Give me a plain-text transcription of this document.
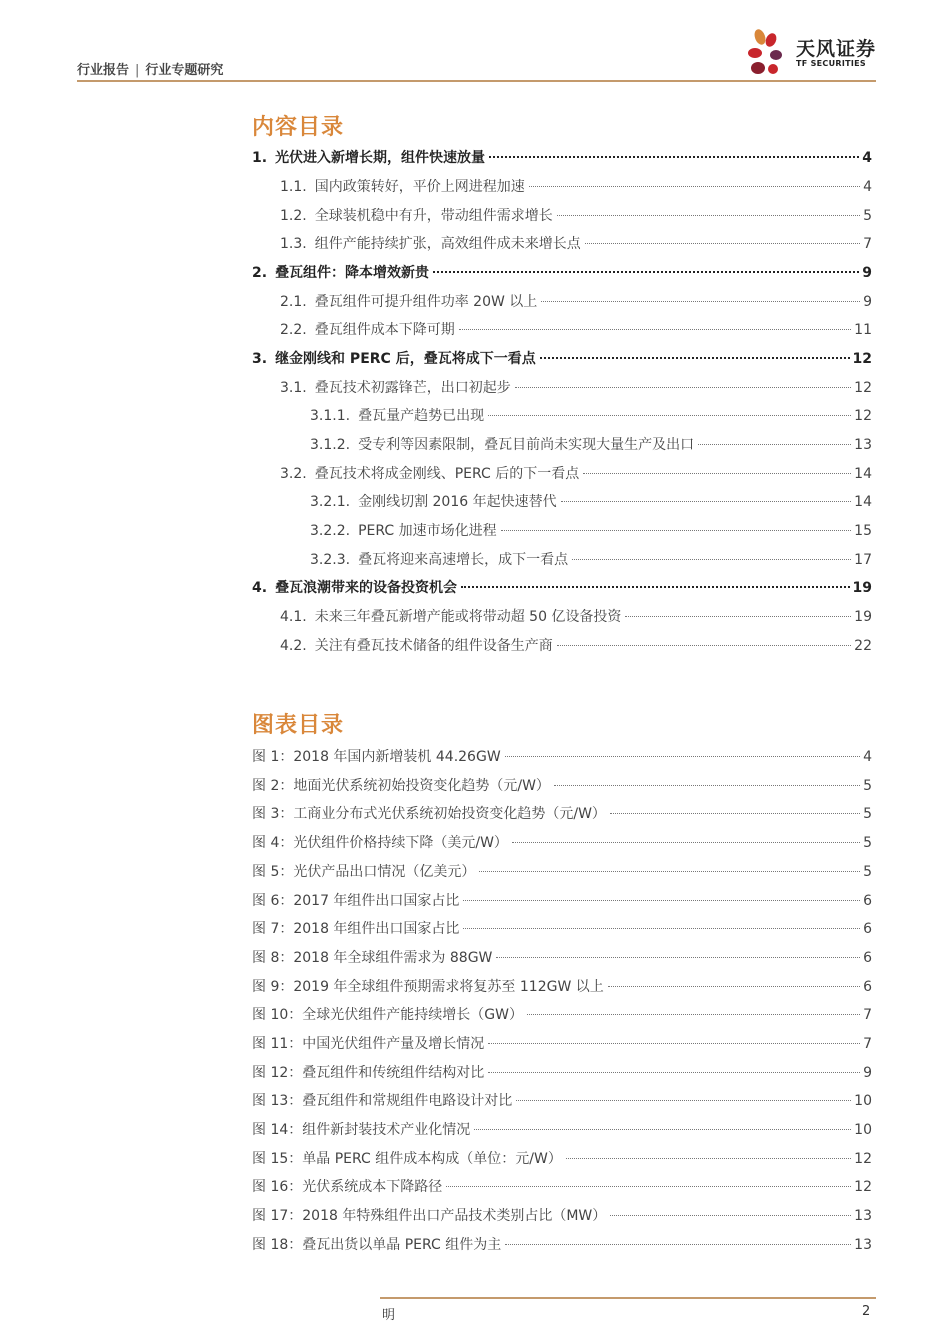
行业报告 | 行业专题研究
天风证券
TF SECURITIES
内容目录
1. 光伏进入新增长期，组件快速放量	4
1.1. 国内政策转好，平价上网进程加速	4
1.2. 全球装机稳中有升，带动组件需求增长	5
1.3. 组件产能持续扩张，高效组件成未来增长点	7
2. 叠瓦组件：降本增效新贵	9
2.1. 叠瓦组件可提升组件功率 20W 以上	9
2.2. 叠瓦组件成本下降可期	11
3. 继金刚线和 PERC 后，叠瓦将成下一看点	12
3.1. 叠瓦技术初露锋芒，出口初起步	12
3.1.1. 叠瓦量产趋势已出现	12
3.1.2. 受专利等因素限制，叠瓦目前尚未实现大量生产及出口	13
3.2. 叠瓦技术将成金刚线、PERC 后的下一看点	14
3.2.1. 金刚线切割 2016 年起快速替代	14
3.2.2. PERC 加速市场化进程	15
3.2.3. 叠瓦将迎来高速增长，成下一看点	17
4. 叠瓦浪潮带来的设备投资机会	19
4.1. 未来三年叠瓦新增产能或将带动超 50 亿设备投资	19
4.2. 关注有叠瓦技术储备的组件设备生产商	22
图表目录
图 1：2018 年国内新增装机 44.26GW	4
图 2：地面光伏系统初始投资变化趋势（元/W）	5
图 3：工商业分布式光伏系统初始投资变化趋势（元/W）	5
图 4：光伏组件价格持续下降（美元/W）	5
图 5：光伏产品出口情况（亿美元）	5
图 6：2017 年组件出口国家占比	6
图 7：2018 年组件出口国家占比	6
图 8：2018 年全球组件需求为 88GW	6
图 9：2019 年全球组件预期需求将复苏至 112GW 以上	6
图 10：全球光伏组件产能持续增长（GW）	7
图 11：中国光伏组件产量及增长情况	7
图 12：叠瓦组件和传统组件结构对比	9
图 13：叠瓦组件和常规组件电路设计对比	10
图 14：组件新封装技术产业化情况	10
图 15：单晶 PERC 组件成本构成（单位：元/W）	12
图 16：光伏系统成本下降路径	12
图 17：2018 年特殊组件出口产品技术类别占比（MW）	13
图 18：叠瓦出货以单晶 PERC 组件为主	13
明	2
